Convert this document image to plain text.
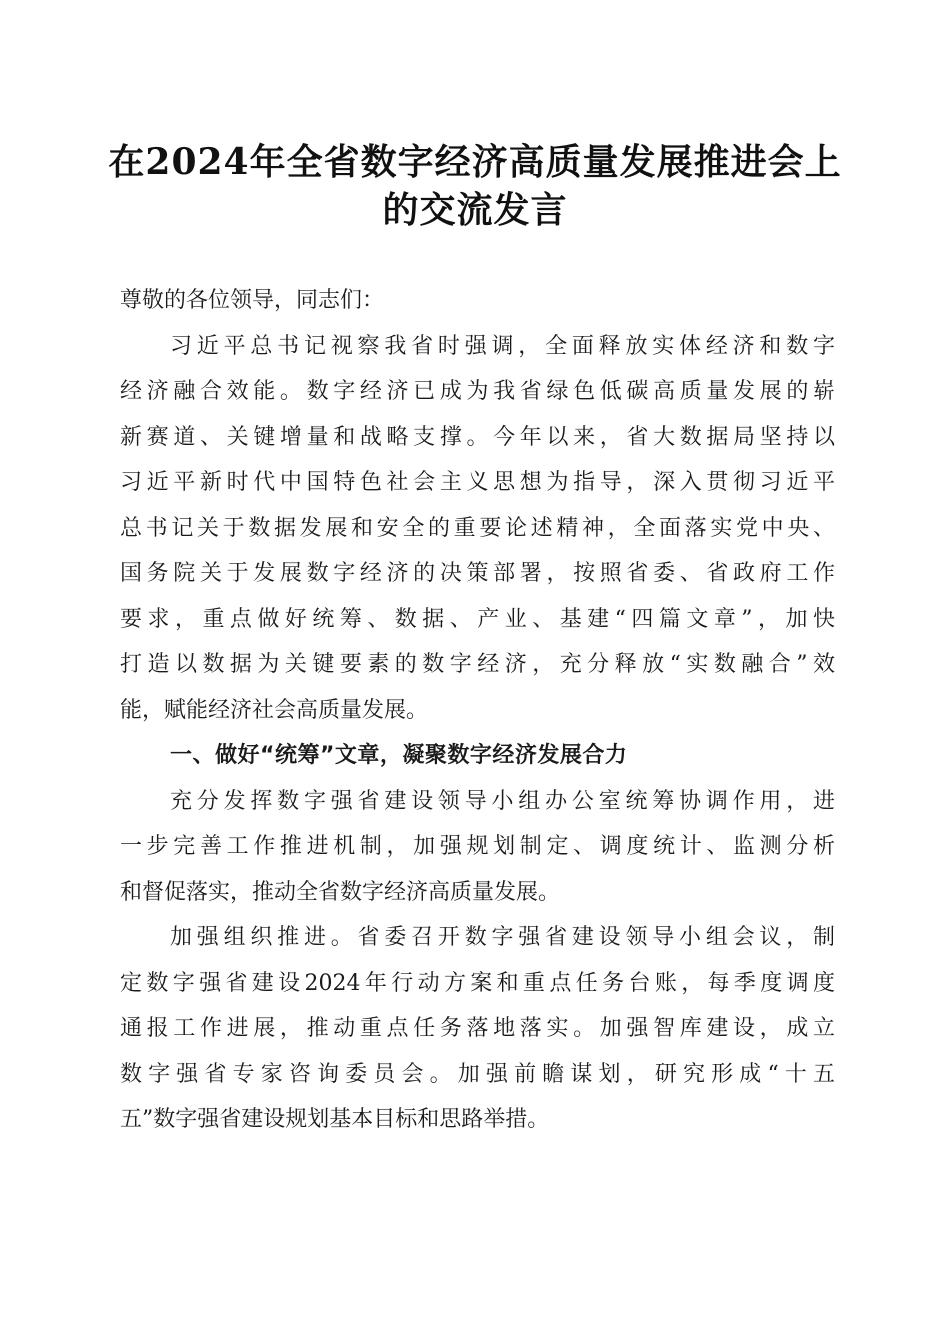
在2024年全省数字经济高质量发展推进会上
的交流发言
尊敬的各位领导，同志们：
习近平总书记视察我省时强调，全面释放实体经济和数字
经济融合效能。数字经济已成为我省绿色低碳高质量发展的崭
新赛道、关键增量和战略支撑。今年以来，省大数据局坚持以
习近平新时代中国特色社会主义思想为指导，深入贯彻习近平
总书记关于数据发展和安全的重要论述精神，全面落实党中央、
国务院关于发展数字经济的决策部署，按照省委、省政府工作
要求，重点做好统筹、数据、产业、基建“四篇文章”，加快
打造以数据为关键要素的数字经济，充分释放“实数融合”效
能，赋能经济社会高质量发展。
一、做好“统筹”文章，凝聚数字经济发展合力
充分发挥数字强省建设领导小组办公室统筹协调作用，进
一步完善工作推进机制，加强规划制定、调度统计、监测分析
和督促落实，推动全省数字经济高质量发展。
加强组织推进。省委召开数字强省建设领导小组会议，制
定数字强省建设2024年行动方案和重点任务台账，每季度调度
通报工作进展，推动重点任务落地落实。加强智库建设，成立
数字强省专家咨询委员会。加强前瞻谋划，研究形成“十五
五”数字强省建设规划基本目标和思路举措。
